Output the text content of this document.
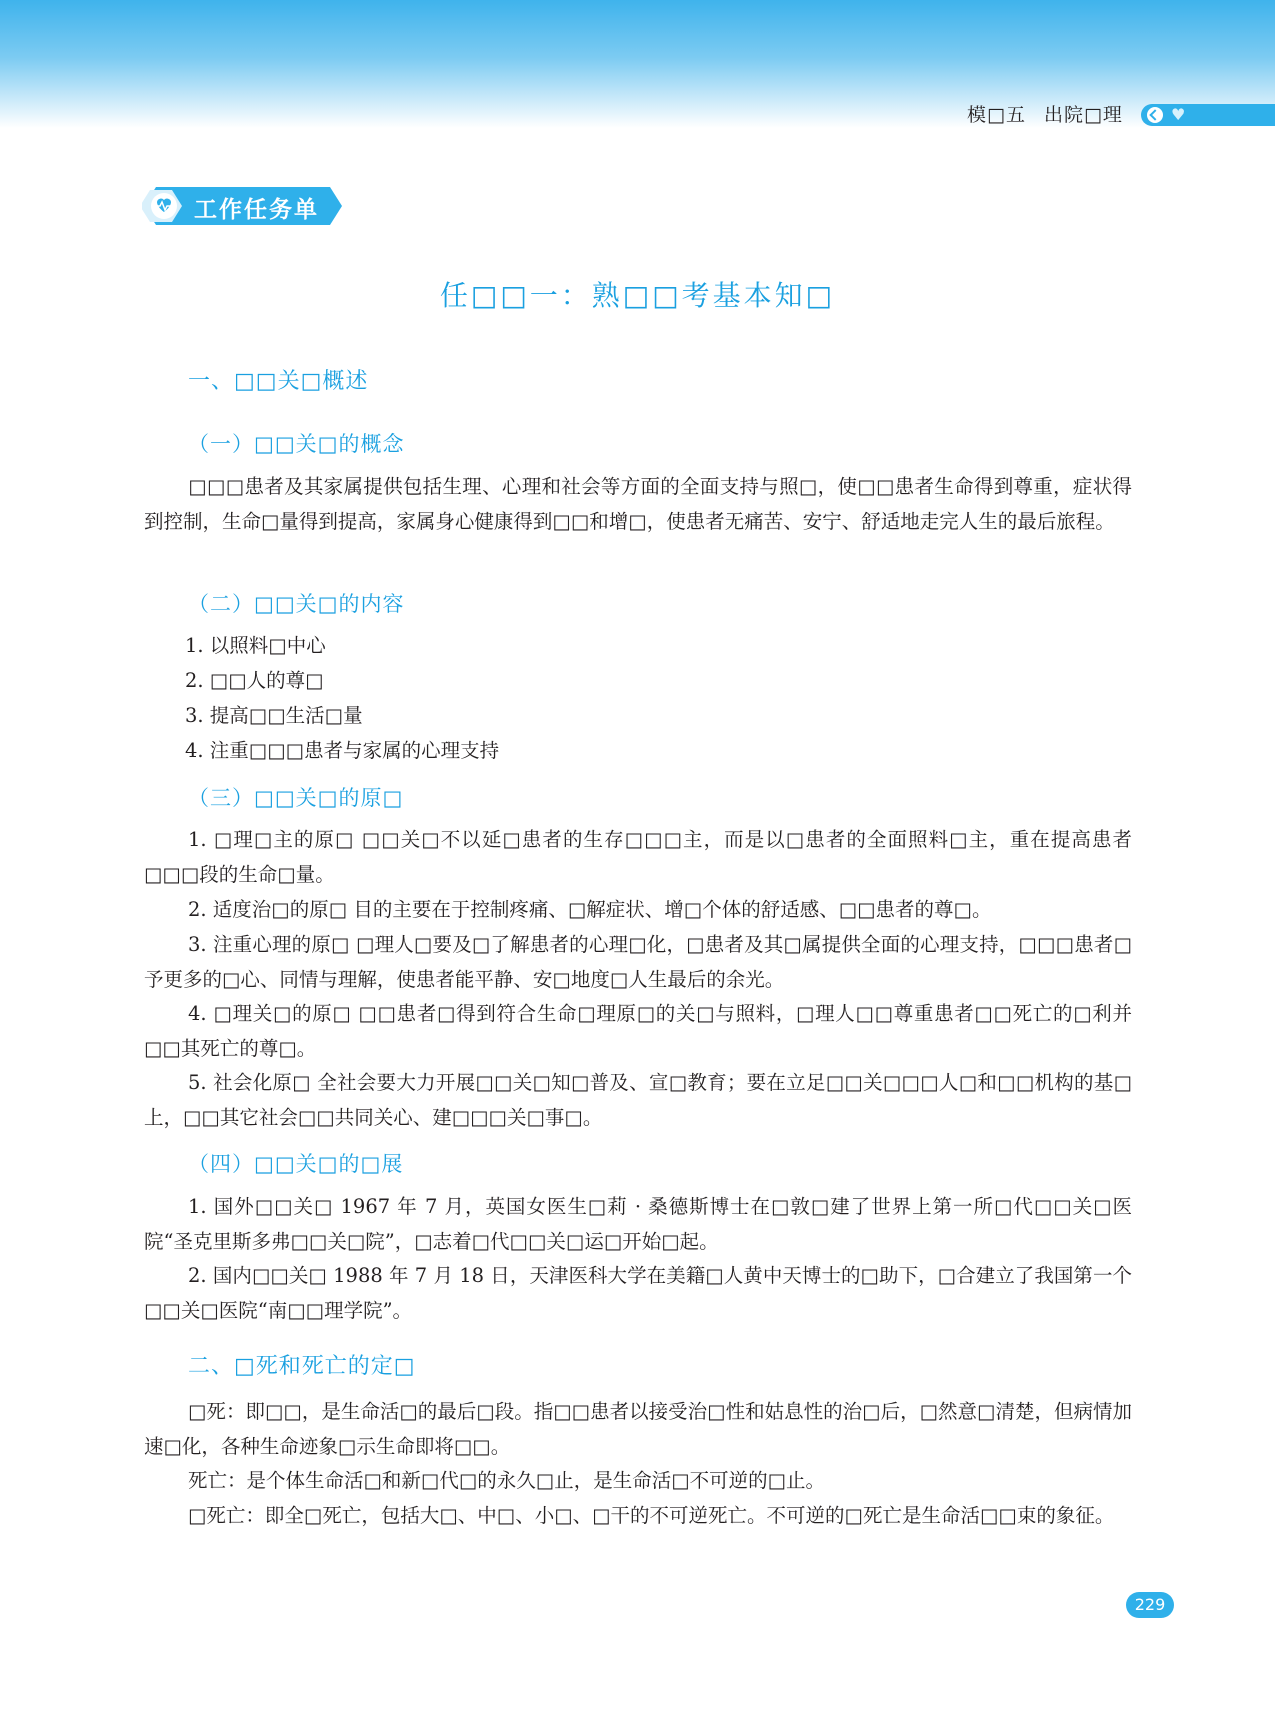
模□五 出院□理	♥
工作任务单
任□□一：熟□□考基本知□
一、□□关□概述
（一）□□关□的概念
□□□患者及其家属提供包括生理、心理和社会等方面的全面支持与照□，使□□患者生命得到尊重，症状得到控制，生命□量得到提高，家属身心健康得到□□和增□，使患者无痛苦、安宁、舒适地走完人生的最后旅程。
（二）□□关□的内容
1. 以照料□中心
2. □□人的尊□
3. 提高□□生活□量
4. 注重□□□患者与家属的心理支持
（三）□□关□的原□
1. □理□主的原□ □□关□不以延□患者的生存□□□主，而是以□患者的全面照料□主，重在提高患者□□□段的生命□量。
2. 适度治□的原□ 目的主要在于控制疼痛、□解症状、增□个体的舒适感、□□患者的尊□。
3. 注重心理的原□ □理人□要及□了解患者的心理□化，□患者及其□属提供全面的心理支持，□□□患者□予更多的□心、同情与理解，使患者能平静、安□地度□人生最后的余光。
4. □理关□的原□ □□患者□得到符合生命□理原□的关□与照料，□理人□□尊重患者□□死亡的□利并□□其死亡的尊□。
5. 社会化原□ 全社会要大力开展□□关□知□普及、宣□教育；要在立足□□关□□□人□和□□机构的基□上，□□其它社会□□共同关心、建□□□关□事□。
（四）□□关□的□展
1. 国外□□关□ 1967 年 7 月，英国女医生□莉 · 桑德斯博士在□敦□建了世界上第一所□代□□关□医院“圣克里斯多弗□□关□院”，□志着□代□□关□运□开始□起。
2. 国内□□关□ 1988 年 7 月 18 日，天津医科大学在美籍□人黄中天博士的□助下，□合建立了我国第一个□□关□医院“南□□理学院”。
二、□死和死亡的定□
□死：即□□，是生命活□的最后□段。指□□患者以接受治□性和姑息性的治□后，□然意□清楚，但病情加速□化，各种生命迹象□示生命即将□□。
死亡：是个体生命活□和新□代□的永久□止，是生命活□不可逆的□止。
□死亡：即全□死亡，包括大□、中□、小□、□干的不可逆死亡。不可逆的□死亡是生命活□□束的象征。
229
